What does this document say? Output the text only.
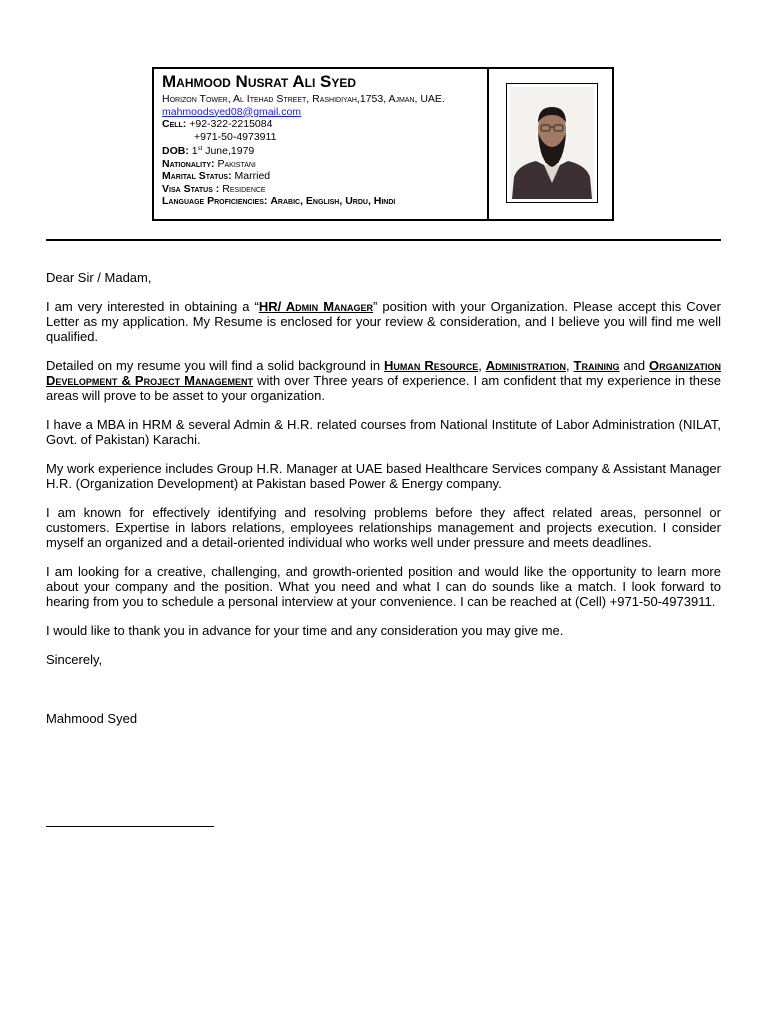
Mahmood Nusrat Ali Syed
Horizon Tower, Al Itehad Street, Rashidiyah,1753, Ajman, UAE.
mahmoodsyed08@gmail.com
Cell: +92-322-2215084
+971-50-4973911
DOB: 1st June,1979
Nationality: Pakistani
Marital Status: Married
Visa Status : Residence
Language Proficiencies: Arabic, English, Urdu, Hindi

Dear Sir / Madam,

I am very interested in obtaining a “HR/ Admin Manager” position with your Organization. Please accept this Cover Letter as my application. My Resume is enclosed for your review & consideration, and I believe you will find me well qualified.

Detailed on my resume you will find a solid background in Human Resource, Administration, Training and Organization Development & Project Management with over Three years of experience. I am confident that my experience in these areas will prove to be asset to your organization.

I have a MBA in HRM & several Admin & H.R. related courses from National Institute of Labor Administration (NILAT, Govt. of Pakistan) Karachi.

My work experience includes Group H.R. Manager at UAE based Healthcare Services company & Assistant Manager H.R. (Organization Development) at Pakistan based Power & Energy company.

I am known for effectively identifying and resolving problems before they affect related areas, personnel or customers. Expertise in labors relations, employees relationships management and projects execution. I consider myself an organized and a detail-oriented individual who works well under pressure and meets deadlines.

I am looking for a creative, challenging, and growth-oriented position and would like the opportunity to learn more about your company and the position. What you need and what I can do sounds like a match. I look forward to hearing from you to schedule a personal interview at your convenience. I can be reached at (Cell) +971-50-4973911.

I would like to thank you in advance for your time and any consideration you may give me.

Sincerely,

Mahmood Syed
